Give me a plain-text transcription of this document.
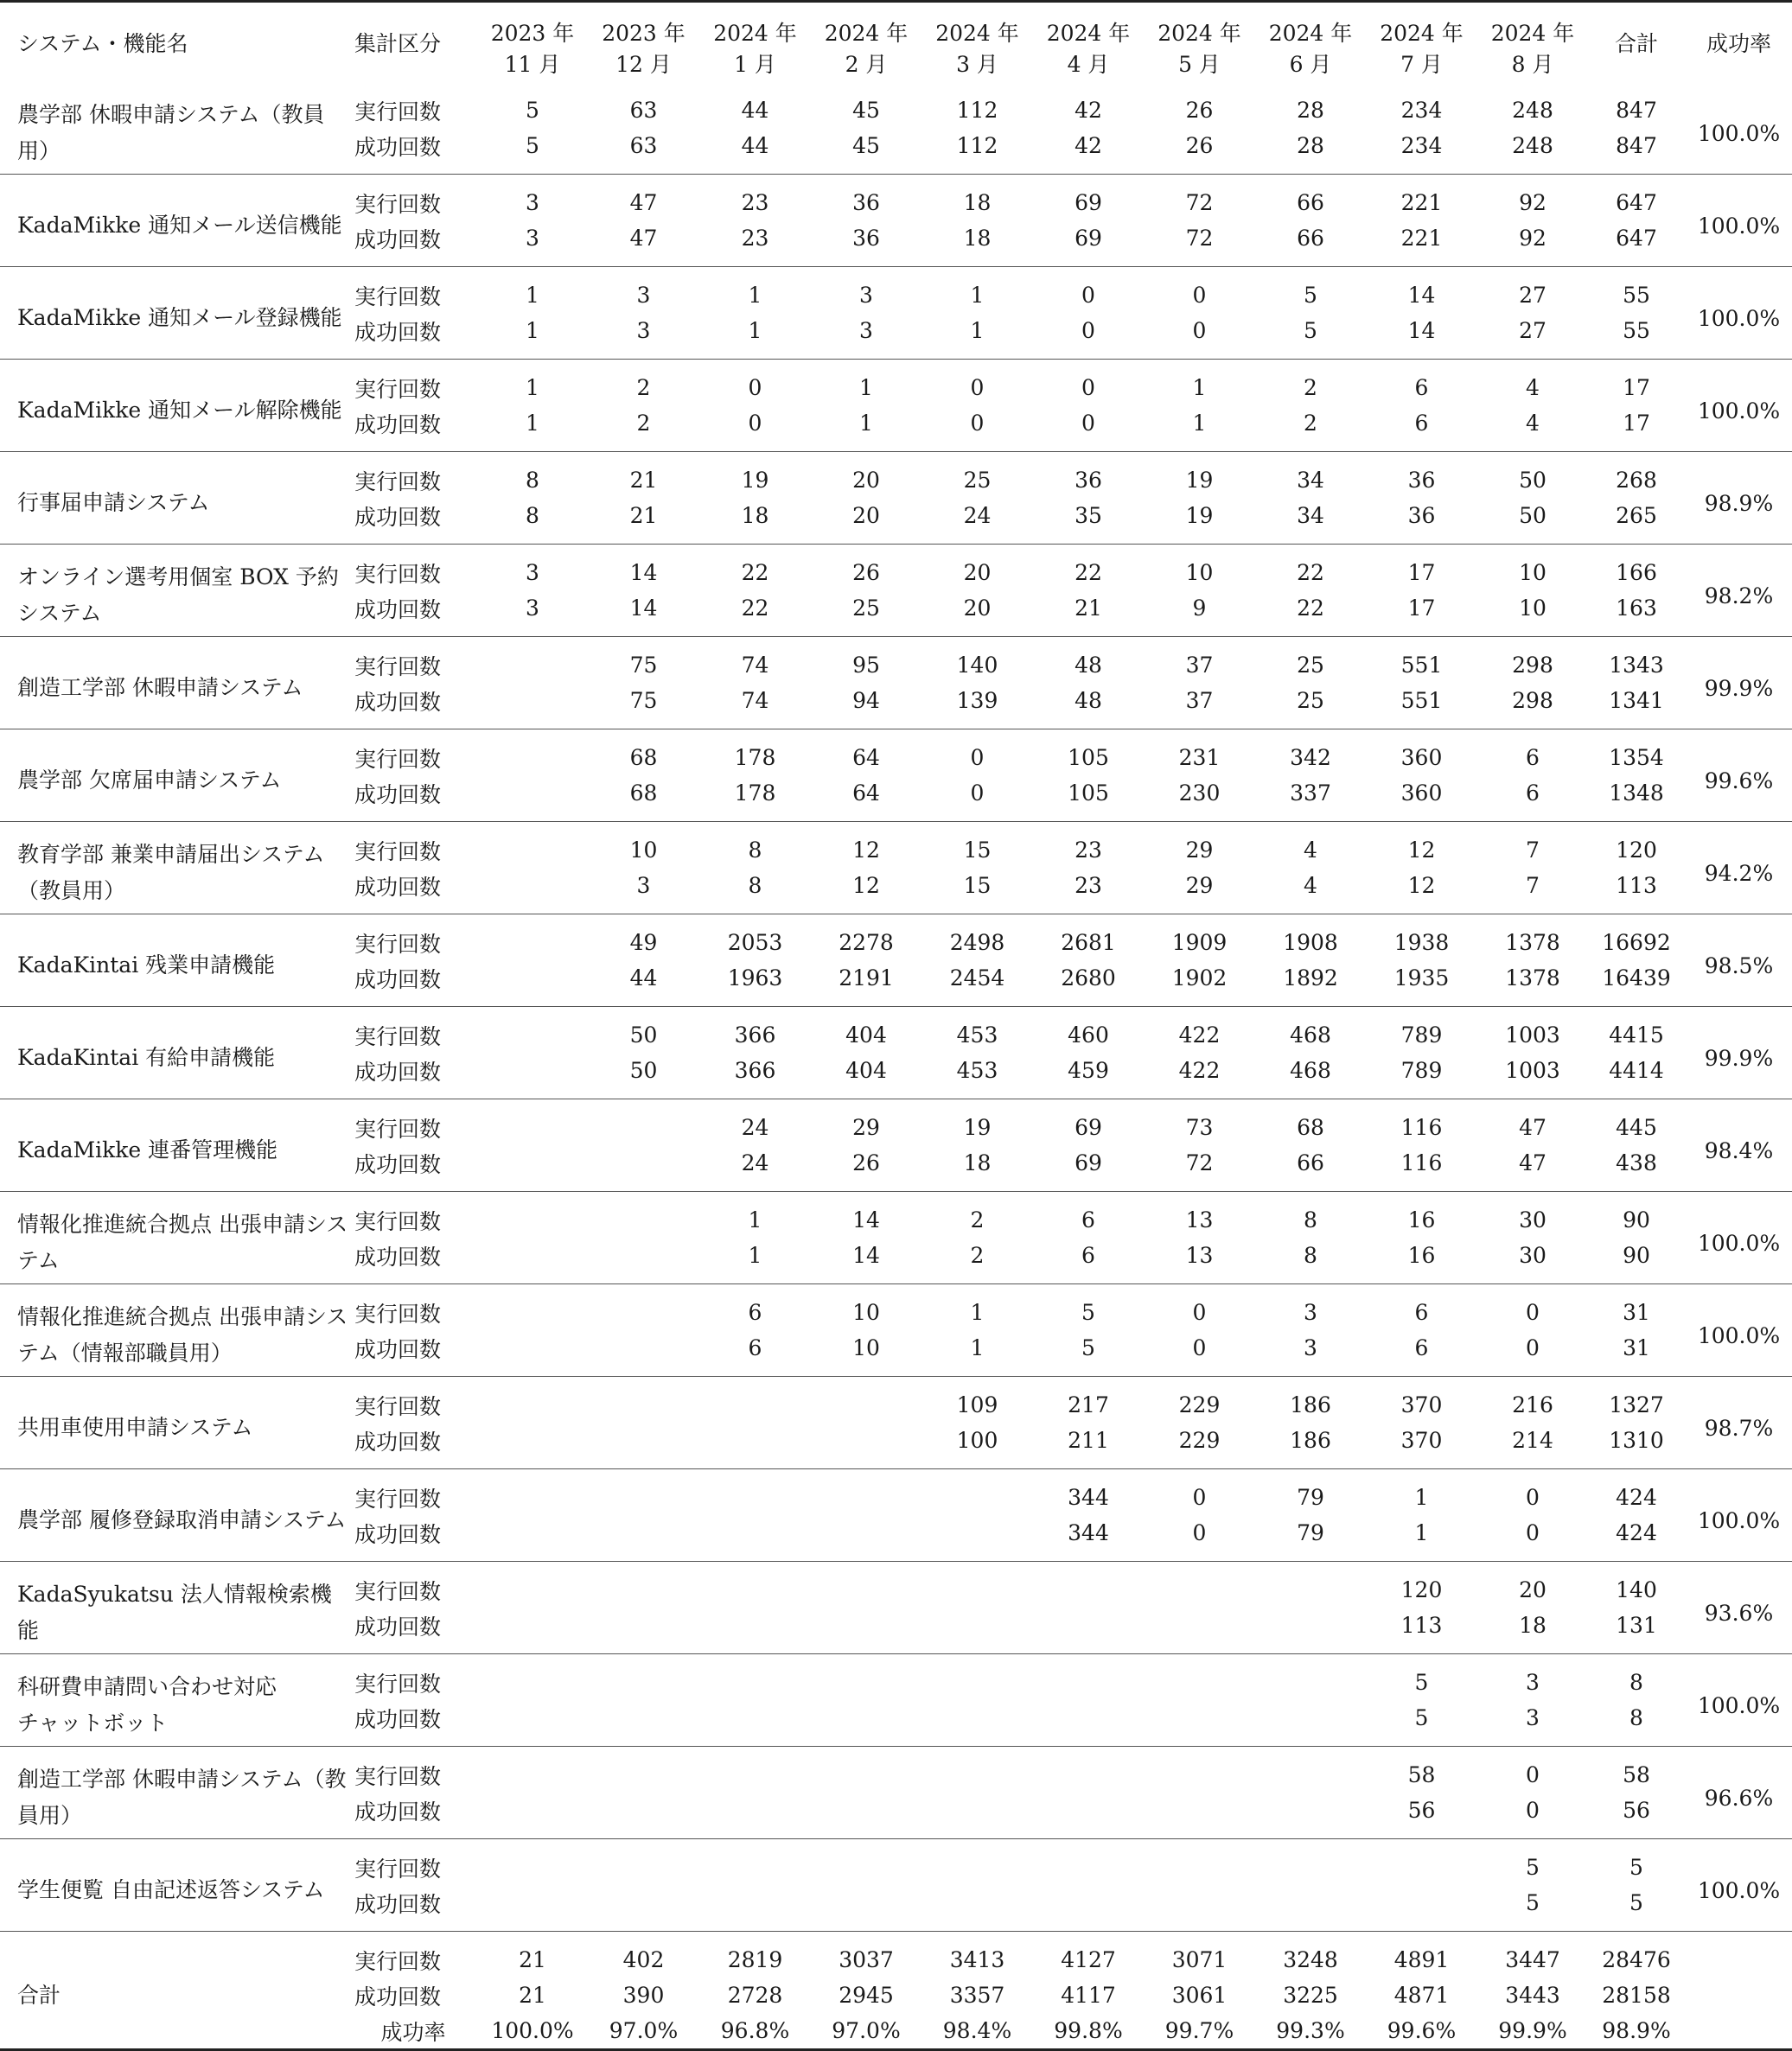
システム・機能名	集計区分	2023 年	2023 年	2024 年	2024 年	2024 年	2024 年	2024 年	2024 年	2024 年	2024 年	合計	成功率
		11 月	12 月	1 月	2 月	3 月	4 月	5 月	6 月	7 月	8 月		
農学部 休暇申請システム（教員用）	実行回数	5	63	44	45	112	42	26	28	234	248	847	100.0%
	成功回数	5	63	44	45	112	42	26	28	234	248	847	
KadaMikke 通知メール送信機能	実行回数	3	47	23	36	18	69	72	66	221	92	647	100.0%
	成功回数	3	47	23	36	18	69	72	66	221	92	647	
KadaMikke 通知メール登録機能	実行回数	1	3	1	3	1	0	0	5	14	27	55	100.0%
	成功回数	1	3	1	3	1	0	0	5	14	27	55	
KadaMikke 通知メール解除機能	実行回数	1	2	0	1	0	0	1	2	6	4	17	100.0%
	成功回数	1	2	0	1	0	0	1	2	6	4	17	
行事届申請システム	実行回数	8	21	19	20	25	36	19	34	36	50	268	98.9%
	成功回数	8	21	18	20	24	35	19	34	36	50	265	
オンライン選考用個室 BOX 予約システム	実行回数	3	14	22	26	20	22	10	22	17	10	166	98.2%
	成功回数	3	14	22	25	20	21	9	22	17	10	163	
創造工学部 休暇申請システム	実行回数		75	74	95	140	48	37	25	551	298	1343	99.9%
	成功回数		75	74	94	139	48	37	25	551	298	1341	
農学部 欠席届申請システム	実行回数		68	178	64	0	105	231	342	360	6	1354	99.6%
	成功回数		68	178	64	0	105	230	337	360	6	1348	
教育学部 兼業申請届出システム（教員用）	実行回数		10	8	12	15	23	29	4	12	7	120	94.2%
	成功回数		3	8	12	15	23	29	4	12	7	113	
KadaKintai 残業申請機能	実行回数		49	2053	2278	2498	2681	1909	1908	1938	1378	16692	98.5%
	成功回数		44	1963	2191	2454	2680	1902	1892	1935	1378	16439	
KadaKintai 有給申請機能	実行回数		50	366	404	453	460	422	468	789	1003	4415	99.9%
	成功回数		50	366	404	453	459	422	468	789	1003	4414	
KadaMikke 連番管理機能	実行回数			24	29	19	69	73	68	116	47	445	98.4%
	成功回数			24	26	18	69	72	66	116	47	438	
情報化推進統合拠点 出張申請システム	実行回数			1	14	2	6	13	8	16	30	90	100.0%
	成功回数			1	14	2	6	13	8	16	30	90	
情報化推進統合拠点 出張申請システム（情報部職員用）	実行回数			6	10	1	5	0	3	6	0	31	100.0%
	成功回数			6	10	1	5	0	3	6	0	31	
共用車使用申請システム	実行回数					109	217	229	186	370	216	1327	98.7%
	成功回数					100	211	229	186	370	214	1310	
農学部 履修登録取消申請システム	実行回数						344	0	79	1	0	424	100.0%
	成功回数						344	0	79	1	0	424	
KadaSyukatsu 法人情報検索機能	実行回数									120	20	140	93.6%
	成功回数									113	18	131	
科研費申請問い合わせ対応
チャットボット	実行回数									5	3	8	100.0%
	成功回数									5	3	8	
創造工学部 休暇申請システム（教員用）	実行回数									58	0	58	96.6%
	成功回数									56	0	56	
学生便覧 自由記述返答システム	実行回数										5	5	100.0%
	成功回数										5	5	
合計	実行回数	21	402	2819	3037	3413	4127	3071	3248	4891	3447	28476	
	成功回数	21	390	2728	2945	3357	4117	3061	3225	4871	3443	28158	
	成功率	100.0%	97.0%	96.8%	97.0%	98.4%	99.8%	99.7%	99.3%	99.6%	99.9%	98.9%	
